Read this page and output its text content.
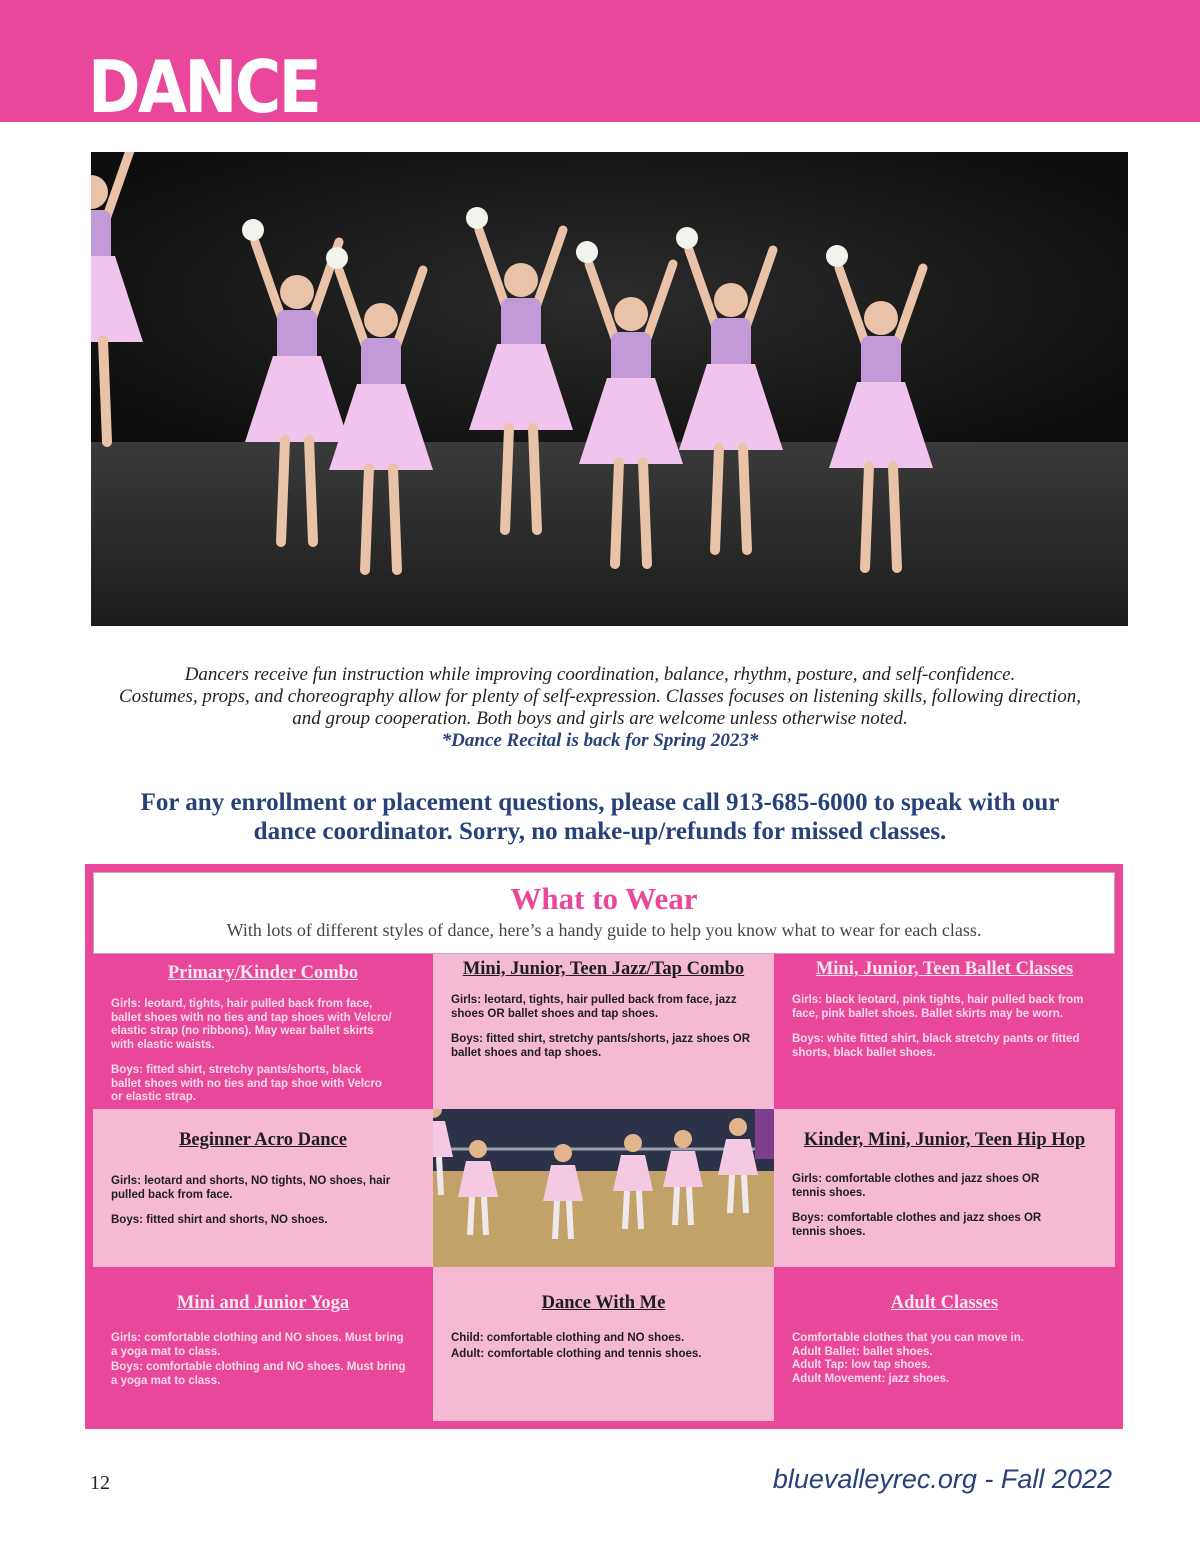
DANCE
Dancers receive fun instruction while improving coordination, balance, rhythm, posture, and self-confidence.
Costumes, props, and choreography allow for plenty of self-expression. Classes focuses on listening skills, following direction,
and group cooperation. Both boys and girls are welcome unless otherwise noted.
*Dance Recital is back for Spring 2023*
For any enrollment or placement questions, please call 913-685-6000 to speak with our
dance coordinator. Sorry, no make-up/refunds for missed classes.
What to Wear
With lots of different styles of dance, here’s a handy guide to help you know what to wear for each class.
Primary/Kinder Combo

Girls: leotard, tights, hair pulled back from face,
ballet shoes with no ties and tap shoes with Velcro/
elastic strap (no ribbons). May wear ballet skirts
with elastic waists.

Boys: fitted shirt, stretchy pants/shorts, black
ballet shoes with no ties and tap shoe with Velcro
or elastic strap.

Mini, Junior, Teen Jazz/Tap Combo

Girls: leotard, tights, hair pulled back from face, jazz
shoes OR ballet shoes and tap shoes.

Boys: fitted shirt, stretchy pants/shorts, jazz shoes OR
ballet shoes and tap shoes.

Mini, Junior, Teen Ballet Classes

Girls: black leotard, pink tights, hair pulled back from
face, pink ballet shoes. Ballet skirts may be worn.

Boys: white fitted shirt, black stretchy pants or fitted
shorts, black ballet shoes.

Beginner Acro Dance

Girls: leotard and shorts, NO tights, NO shoes, hair
pulled back from face.

Boys: fitted shirt and shorts, NO shoes.

Kinder, Mini, Junior, Teen Hip Hop

Girls: comfortable clothes and jazz shoes OR
tennis shoes.

Boys: comfortable clothes and jazz shoes OR
tennis shoes.

Mini and Junior Yoga

Girls: comfortable clothing and NO shoes. Must bring
a yoga mat to class.

Boys: comfortable clothing and NO shoes. Must bring
a yoga mat to class.

Dance With Me

Child: comfortable clothing and NO shoes.

Adult: comfortable clothing and tennis shoes.

Adult Classes

Comfortable clothes that you can move in.
Adult Ballet: ballet shoes.
Adult Tap: low tap shoes.
Adult Movement: jazz shoes.

12	bluevalleyrec.org - Fall 2022
